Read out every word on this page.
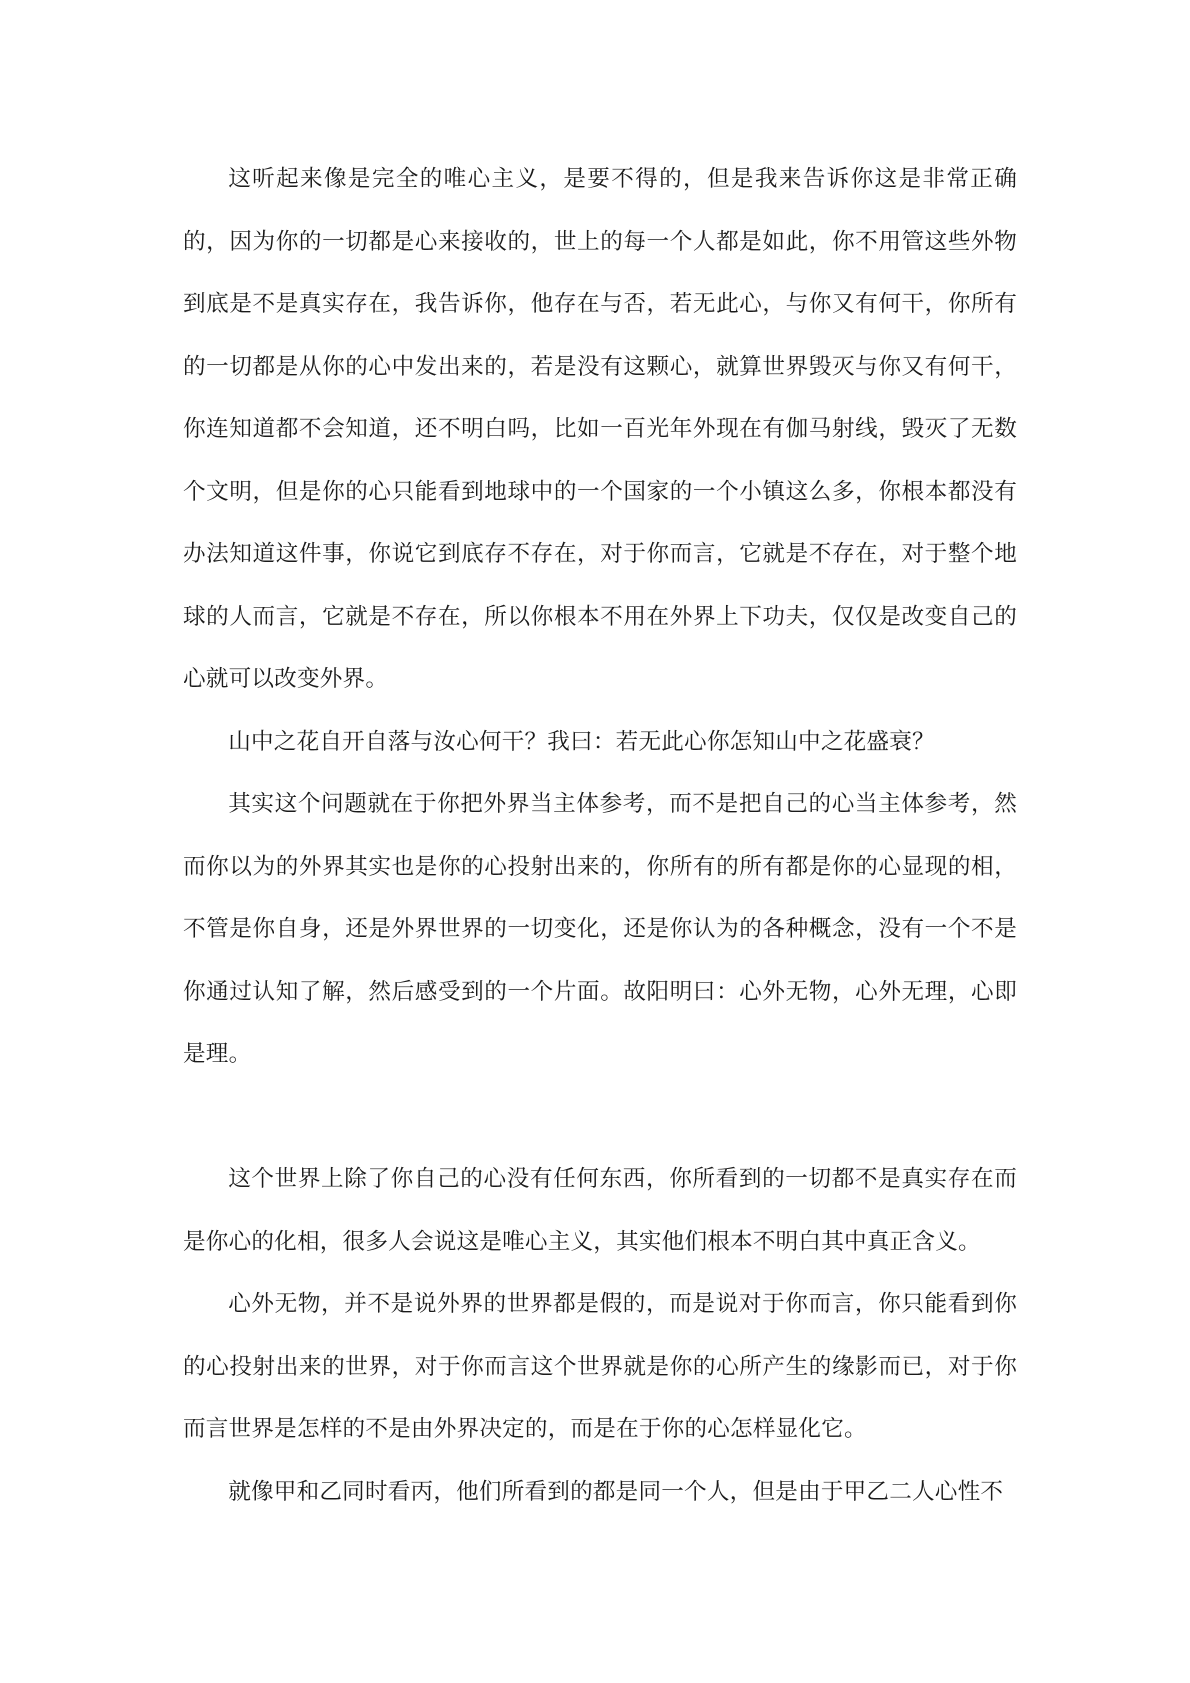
这听起来像是完全的唯心主义，是要不得的，但是我来告诉你这是非常正确的，因为你的一切都是心来接收的，世上的每一个人都是如此，你不用管这些外物到底是不是真实存在，我告诉你，他存在与否，若无此心，与你又有何干，你所有的一切都是从你的心中发出来的，若是没有这颗心，就算世界毁灭与你又有何干，你连知道都不会知道，还不明白吗，比如一百光年外现在有伽马射线，毁灭了无数个文明，但是你的心只能看到地球中的一个国家的一个小镇这么多，你根本都没有办法知道这件事，你说它到底存不存在，对于你而言，它就是不存在，对于整个地球的人而言，它就是不存在，所以你根本不用在外界上下功夫，仅仅是改变自己的心就可以改变外界。

山中之花自开自落与汝心何干？我曰：若无此心你怎知山中之花盛衰？

其实这个问题就在于你把外界当主体参考，而不是把自己的心当主体参考，然而你以为的外界其实也是你的心投射出来的，你所有的所有都是你的心显现的相，不管是你自身，还是外界世界的一切变化，还是你认为的各种概念，没有一个不是你通过认知了解，然后感受到的一个片面。故阳明曰：心外无物，心外无理，心即是理。

这个世界上除了你自己的心没有任何东西，你所看到的一切都不是真实存在而是你心的化相，很多人会说这是唯心主义，其实他们根本不明白其中真正含义。

心外无物，并不是说外界的世界都是假的，而是说对于你而言，你只能看到你的心投射出来的世界，对于你而言这个世界就是你的心所产生的缘影而已，对于你而言世界是怎样的不是由外界决定的，而是在于你的心怎样显化它。

就像甲和乙同时看丙，他们所看到的都是同一个人，但是由于甲乙二人心性不
